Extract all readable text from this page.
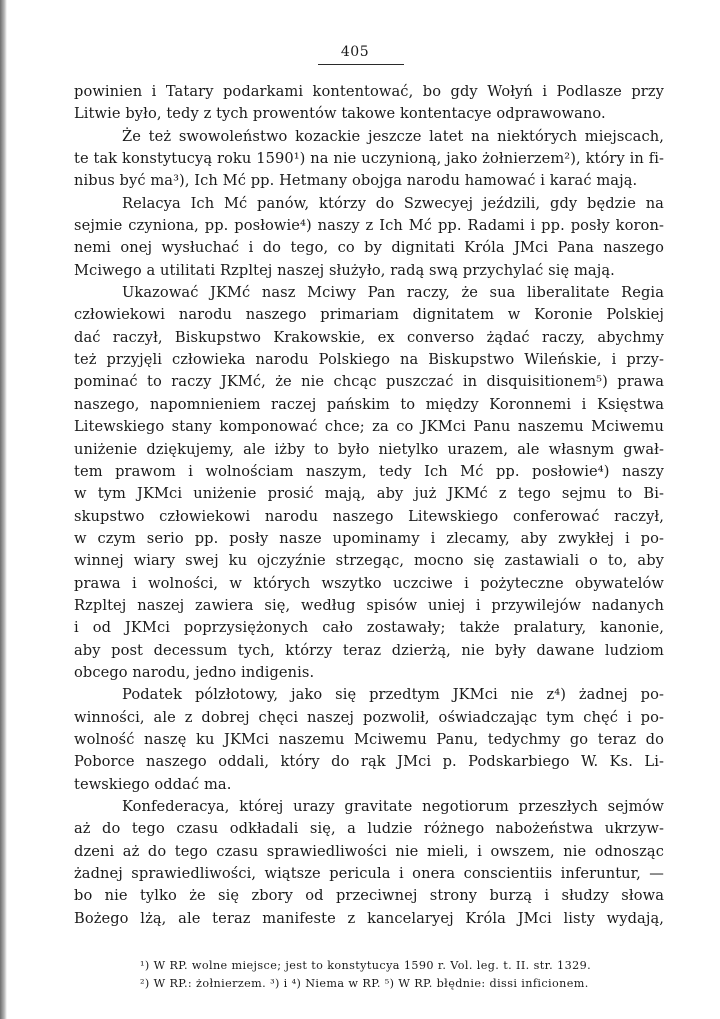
405
powinien i Tatary podarkami kontentować, bo gdy Wołyń i Podlasze przy
Litwie było, tedy z tych prowentów takowe kontentacye odprawowano.
Że też swowoleństwo kozackie jeszcze latet na niektórych miejscach,
te tak konstytucyą roku 1590¹) na nie uczynioną, jako żołnierzem²), który in fi-
nibus być ma³), Ich Mć pp. Hetmany obojga narodu hamować i karać mają.
Relacya Ich Mć panów, którzy do Szwecyej jeździli, gdy będzie na
sejmie czyniona, pp. posłowie⁴) naszy z Ich Mć pp. Radami i pp. posły koron-
nemi onej wysłuchać i do tego, co by dignitati Króla JMci Pana naszego
Mciwego a utilitati Rzpltej naszej służyło, radą swą przychylać się mają.
Ukazować JKMć nasz Mciwy Pan raczy, że sua liberalitate Regia
człowiekowi narodu naszego primariam dignitatem w Koronie Polskiej
dać raczył, Biskupstwo Krakowskie, ex converso żądać raczy, abychmy
też przyjęli człowieka narodu Polskiego na Biskupstwo Wileńskie, i przy-
pominać to raczy JKMć, że nie chcąc puszczać in disquisitionem⁵) prawa
naszego, napomnieniem raczej pańskim to między Koronnemi i Księstwa
Litewskiego stany komponować chce; za co JKMci Panu naszemu Mciwemu
uniżenie dziękujemy, ale iżby to było nietylko urazem, ale własnym gwał-
tem prawom i wolnościam naszym, tedy Ich Mć pp. posłowie⁴) naszy
w tym JKMci uniżenie prosić mają, aby już JKMć z tego sejmu to Bi-
skupstwo człowiekowi narodu naszego Litewskiego conferować raczył,
w czym serio pp. posły nasze upominamy i zlecamy, aby zwykłej i po-
winnej wiary swej ku ojczyźnie strzegąc, mocno się zastawiali o to, aby
prawa i wolności, w których wszytko uczciwe i pożyteczne obywatelów
Rzpltej naszej zawiera się, według spisów uniej i przywilejów nadanych
i od JKMci poprzysiężonych cało zostawały; także pralatury, kanonie,
aby post decessum tych, którzy teraz dzierżą, nie były dawane ludziom
obcego narodu, jedno indigenis.
Podatek pólzłotowy, jako się przedtym JKMci nie z⁴) żadnej po-
winności, ale z dobrej chęci naszej pozwolił, oświadczając tym chęć i po-
wolność naszę ku JKMci naszemu Mciwemu Panu, tedychmy go teraz do
Poborce naszego oddali, który do rąk JMci p. Podskarbiego W. Ks. Li-
tewskiego oddać ma.
Konfederacya, której urazy gravitate negotiorum przeszłych sejmów
aż do tego czasu odkładali się, a ludzie różnego nabożeństwa ukrzyw-
dzeni aż do tego czasu sprawiedliwości nie mieli, i owszem, nie odnosząc
żadnej sprawiedliwości, wiątsze pericula i onera conscientiis inferuntur, —
bo nie tylko że się zbory od przeciwnej strony burzą i słudzy słowa
Bożego lżą, ale teraz manifeste z kancelaryej Króla JMci listy wydają,
¹) W RP. wolne miejsce; jest to konstytucya 1590 r. Vol. leg. t. II. str. 1329.
²) W RP.: żołnierzem. ³) i ⁴) Niema w RP. ⁵) W RP. błędnie: dissi inficionem.
